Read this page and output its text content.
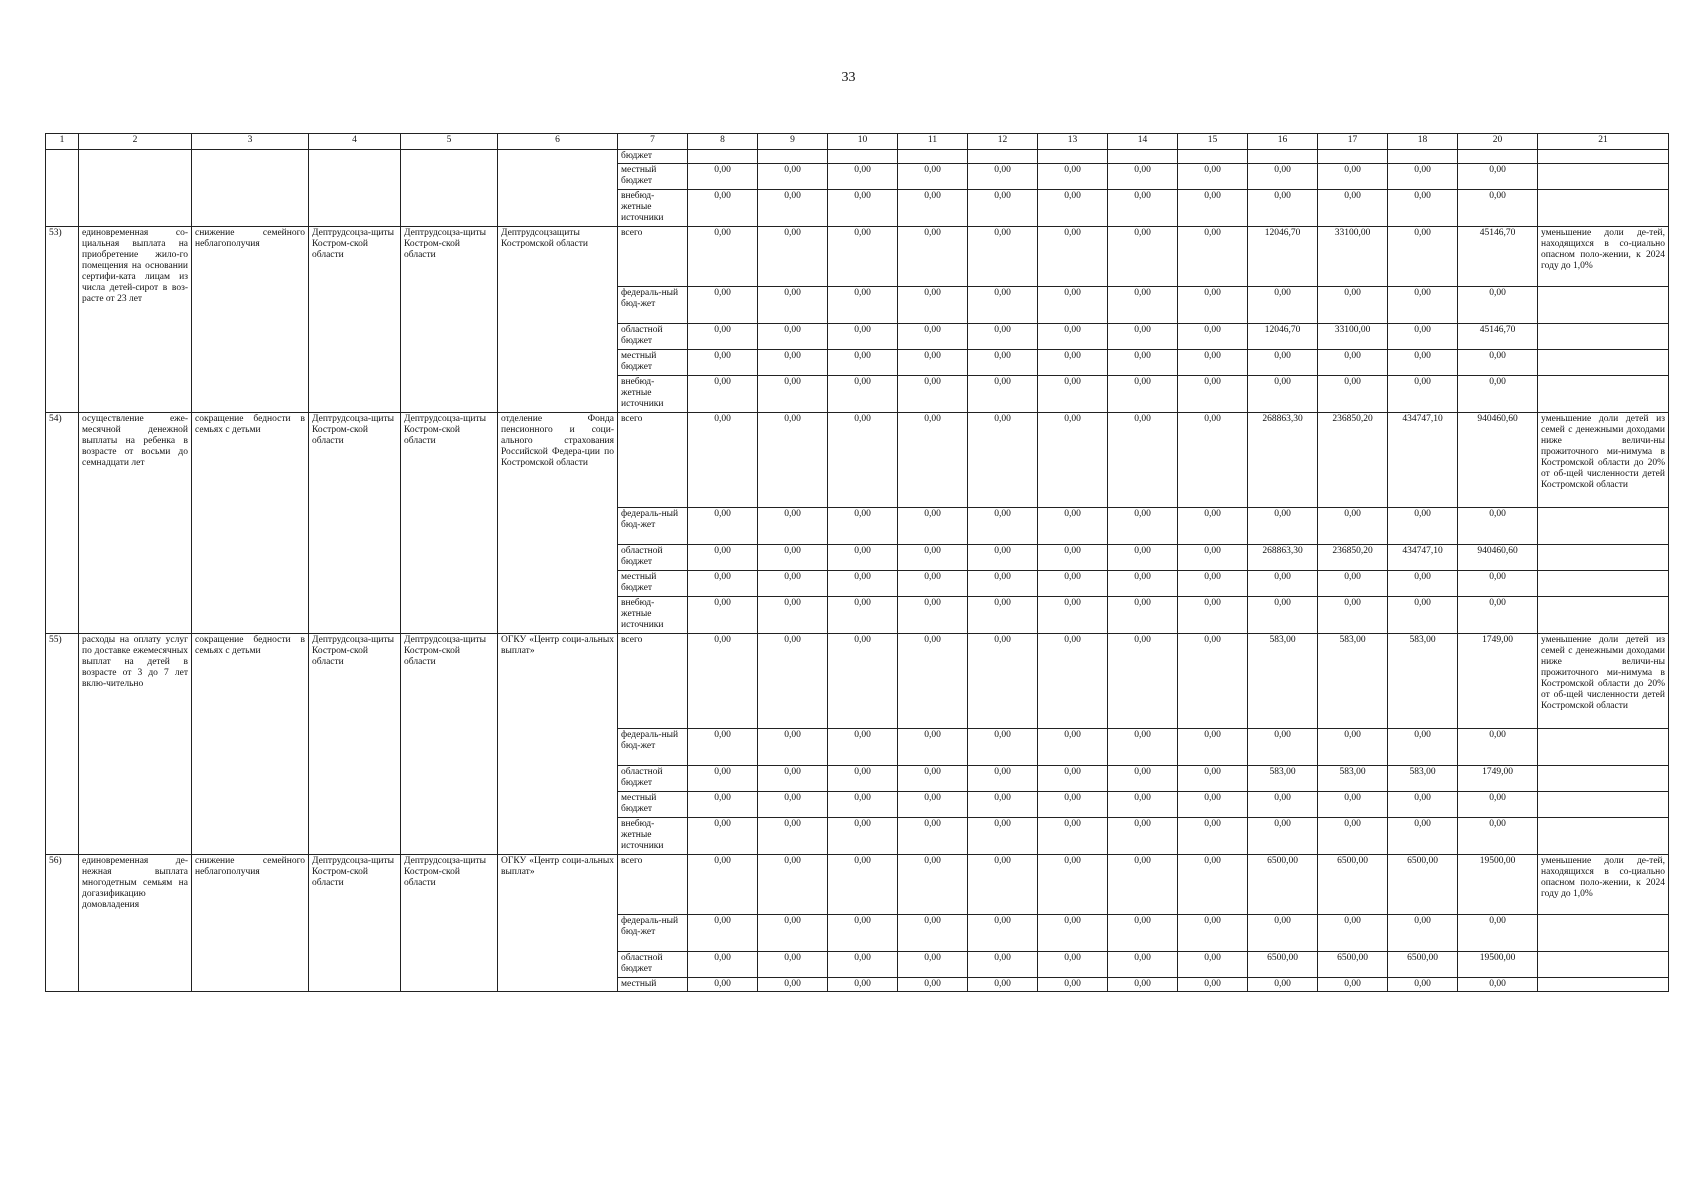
33
1	2	3	4	5	6	7	8	9	10	11	12	13	14	15	16	17	18	20	21
						бюджет													
						местный бюджет	0,00	0,00	0,00	0,00	0,00	0,00	0,00	0,00	0,00	0,00	0,00	0,00	
						внебюд-жетные источники	0,00	0,00	0,00	0,00	0,00	0,00	0,00	0,00	0,00	0,00	0,00	0,00	
53)	единовременная со-циальная выплата на приобретение жило-го помещения на основании сертифи-ката лицам из числа детей-сирот в воз-расте от 23 лет	снижение семейного неблагополучия	Дептрудсоцза-щиты Костром-ской области	Дептрудсоцза-щиты Костром-ской области	Дептрудсоцзащиты Костромской области	всего	0,00	0,00	0,00	0,00	0,00	0,00	0,00	0,00	12046,70	33100,00	0,00	45146,70	уменьшение доли де-тей, находящихся в со-циально опасном поло-жении, к 2024 году до 1,0%
						федераль-ный бюд-жет	0,00	0,00	0,00	0,00	0,00	0,00	0,00	0,00	0,00	0,00	0,00	0,00	
						областной бюджет	0,00	0,00	0,00	0,00	0,00	0,00	0,00	0,00	12046,70	33100,00	0,00	45146,70	
						местный бюджет	0,00	0,00	0,00	0,00	0,00	0,00	0,00	0,00	0,00	0,00	0,00	0,00	
						внебюд-жетные источники	0,00	0,00	0,00	0,00	0,00	0,00	0,00	0,00	0,00	0,00	0,00	0,00	
54)	осуществление еже-месячной денежной выплаты на ребенка в возрасте от восьми до семнадцати лет	сокращение бедности в семьях с детьми	Дептрудсоцза-щиты Костром-ской области	Дептрудсоцза-щиты Костром-ской области	отделение Фонда пенсионного и соци-ального страхования Российской Федера-ции по Костромской области	всего	0,00	0,00	0,00	0,00	0,00	0,00	0,00	0,00	268863,30	236850,20	434747,10	940460,60	уменьшение доли детей из семей с денежными доходами ниже величи-ны прожиточного ми-нимума в Костромской области до 20% от об-щей численности детей Костромской области
						федераль-ный бюд-жет	0,00	0,00	0,00	0,00	0,00	0,00	0,00	0,00	0,00	0,00	0,00	0,00	
						областной бюджет	0,00	0,00	0,00	0,00	0,00	0,00	0,00	0,00	268863,30	236850,20	434747,10	940460,60	
						местный бюджет	0,00	0,00	0,00	0,00	0,00	0,00	0,00	0,00	0,00	0,00	0,00	0,00	
						внебюд-жетные источники	0,00	0,00	0,00	0,00	0,00	0,00	0,00	0,00	0,00	0,00	0,00	0,00	
55)	расходы на оплату услуг по доставке ежемесячных выплат на детей в возрасте от 3 до 7 лет вклю-чительно	сокращение бедности в семьях с детьми	Дептрудсоцза-щиты Костром-ской области	Дептрудсоцза-щиты Костром-ской области	ОГКУ «Центр соци-альных выплат»	всего	0,00	0,00	0,00	0,00	0,00	0,00	0,00	0,00	583,00	583,00	583,00	1749,00	уменьшение доли детей из семей с денежными доходами ниже величи-ны прожиточного ми-нимума в Костромской области до 20% от об-щей численности детей Костромской области
						федераль-ный бюд-жет	0,00	0,00	0,00	0,00	0,00	0,00	0,00	0,00	0,00	0,00	0,00	0,00	
						областной бюджет	0,00	0,00	0,00	0,00	0,00	0,00	0,00	0,00	583,00	583,00	583,00	1749,00	
						местный бюджет	0,00	0,00	0,00	0,00	0,00	0,00	0,00	0,00	0,00	0,00	0,00	0,00	
						внебюд-жетные источники	0,00	0,00	0,00	0,00	0,00	0,00	0,00	0,00	0,00	0,00	0,00	0,00	
56)	единовременная де-нежная выплата многодетным семьям на догазификацию домовладения	снижение семейного неблагополучия	Дептрудсоцза-щиты Костром-ской области	Дептрудсоцза-щиты Костром-ской области	ОГКУ «Центр соци-альных выплат»	всего	0,00	0,00	0,00	0,00	0,00	0,00	0,00	0,00	6500,00	6500,00	6500,00	19500,00	уменьшение доли де-тей, находящихся в со-циально опасном поло-жении, к 2024 году до 1,0%
						федераль-ный бюд-жет	0,00	0,00	0,00	0,00	0,00	0,00	0,00	0,00	0,00	0,00	0,00	0,00	
						областной бюджет	0,00	0,00	0,00	0,00	0,00	0,00	0,00	0,00	6500,00	6500,00	6500,00	19500,00	
						местный	0,00	0,00	0,00	0,00	0,00	0,00	0,00	0,00	0,00	0,00	0,00	0,00	
